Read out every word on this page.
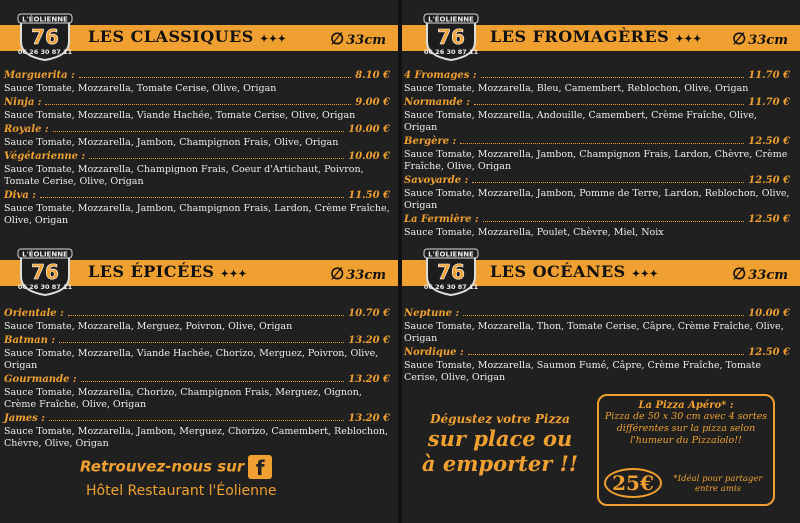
LES CLASSIQUES ✦✦✦	∅ 33cm	LES FROMAGÈRES ✦✦✦ ∅ 33cm
LES ÉPICÉES ✦✦✦	∅ 33cm	LES OCÉANES ✦✦✦	∅ 33cm
L'ÉOLIENNE
76
06 26 30 87 11
L'ÉOLIENNE
76
06 26 30 87 11
L'ÉOLIENNE
76
06 26 30 87 11
L'ÉOLIENNE
76
06 26 30 87 11
Marguerita :	8.10 €
Sauce Tomate, Mozzarella, Tomate Cerise, Olive, Origan
Ninja :	9.00 €
Sauce Tomate, Mozzarella, Viande Hachée, Tomate Cerise, Olive, Origan
Royale :	10.00 €
Sauce Tomate, Mozzarella, Jambon, Champignon Frais, Olive, Origan
Végétarienne :	10.00 €
Sauce Tomate, Mozzarella, Champignon Frais, Coeur d'Artichaut, Poivron, Tomate Cerise, Olive, Origan
Diva :	11.50 €
Sauce Tomate, Mozzarella, Jambon, Champignon Frais, Lardon, Crème Fraîche, Olive, Origan
4 Fromages :	11.70 €
Sauce Tomate, Mozzarella, Bleu, Camembert, Reblochon, Olive, Origan
Normande :	11.70 €
Sauce Tomate, Mozzarella, Andouille, Camembert, Crème Fraîche, Olive, Origan
Bergère :	12.50 €
Sauce Tomate, Mozzarella, Jambon, Champignon Frais, Lardon, Chèvre, Crème Fraîche, Olive, Origan
Savoyarde :	12.50 €
Sauce Tomate, Mozzarella, Jambon, Pomme de Terre, Lardon, Reblochon, Olive, Origan
La Fermière :	12.50 €
Sauce Tomate, Mozzarella, Poulet, Chèvre, Miel, Noix
Orientale :	10.70 €
Sauce Tomate, Mozzarella, Merguez, Poivron, Olive, Origan
Batman :	13.20 €
Sauce Tomate, Mozzarella, Viande Hachée, Chorizo, Merguez, Poivron, Olive, Origan
Gourmande :	13.20 €
Sauce Tomate, Mozzarella, Chorizo, Champignon Frais, Merguez, Oignon, Crème Fraîche, Olive, Origan
James :	13.20 €
Sauce Tomate, Mozzarella, Jambon, Merguez, Chorizo, Camembert, Reblochon, Chèvre, Olive, Origan
Neptune :	10.00 €
Sauce Tomate, Mozzarella, Thon, Tomate Cerise, Câpre, Crème Fraîche, Olive, Origan
Nordique :	12.50 €
Sauce Tomate, Mozzarella, Saumon Fumé, Câpre, Crème Fraîche, Tomate Cerise, Olive, Origan
Dégustez votre Pizza
sur place ou
à emporter !!
La Pizza Apéro* :
Pizza de 50 x 30 cm avec 4 sortes différentes sur la pizza selon l'humeur du Pizzaïolo!!
25€	*Idéal pour partager entre amis
Retrouvez-nous sur f
Hôtel Restaurant l'Éolienne
